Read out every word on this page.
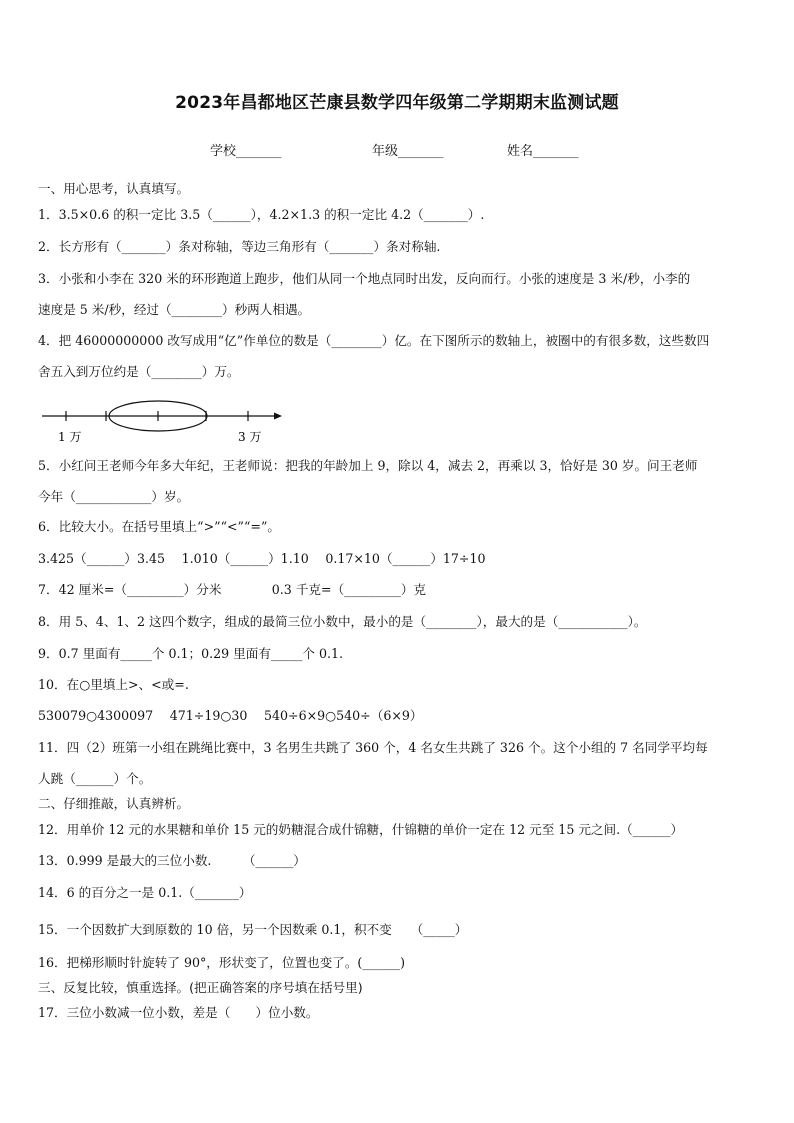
2023年昌都地区芒康县数学四年级第二学期期末监测试题
学校_______	年级_______	姓名_______
一、用心思考，认真填写。
1．3.5×0.6 的积一定比 3.5（______），4.2×1.3 的积一定比 4.2（_______）.
2．长方形有（_______）条对称轴，等边三角形有（_______）条对称轴.
3．小张和小李在 320 米的环形跑道上跑步，他们从同一个地点同时出发，反向而行。小张的速度是 3 米/秒，小李的
速度是 5 米/秒，经过（________）秒两人相遇。
4．把 46000000000 改写成用“亿”作单位的数是（________）亿。在下图所示的数轴上，被圈中的有很多数，这些数四
舍五入到万位约是（________）万。
1 万	3 万
5．小红问王老师今年多大年纪，王老师说：把我的年龄加上 9，除以 4，减去 2，再乘以 3，恰好是 30 岁。问王老师
今年（____________）岁。
6．比较大小。在括号里填上“>”“<”“=”。
3.425（______）3.45　 1.010（______）1.10　 0.17×10（______）17÷10
7．42 厘米=（_________）分米　　　　0.3 千克=（_________）克
8．用 5、4、1、2 这四个数字，组成的最简三位小数中，最小的是（________），最大的是（___________）。
9．0.7 里面有_____个 0.1；0.29 里面有_____个 0.1.
10．在○里填上>、<或=.
530079○4300097　 471÷19○30　 540÷6×9○540÷（6×9）
11．四（2）班第一小组在跳绳比赛中，3 名男生共跳了 360 个，4 名女生共跳了 326 个。这个小组的 7 名同学平均每
人跳（______）个。
二、仔细推敲，认真辨析。
12．用单价 12 元的水果糖和单价 15 元的奶糖混合成什锦糖，什锦糖的单价一定在 12 元至 15 元之间.（______）
13．0.999 是最大的三位小数.　　　（______）
14．6 的百分之一是 0.1.（_______）
15．一个因数扩大到原数的 10 倍，另一个因数乘 0.1，积不变　　（_____）
16．把梯形顺时针旋转了 90°，形状变了，位置也变了。(______)
三、反复比较，慎重选择。(把正确答案的序号填在括号里)
17．三位小数减一位小数，差是（　　）位小数。
